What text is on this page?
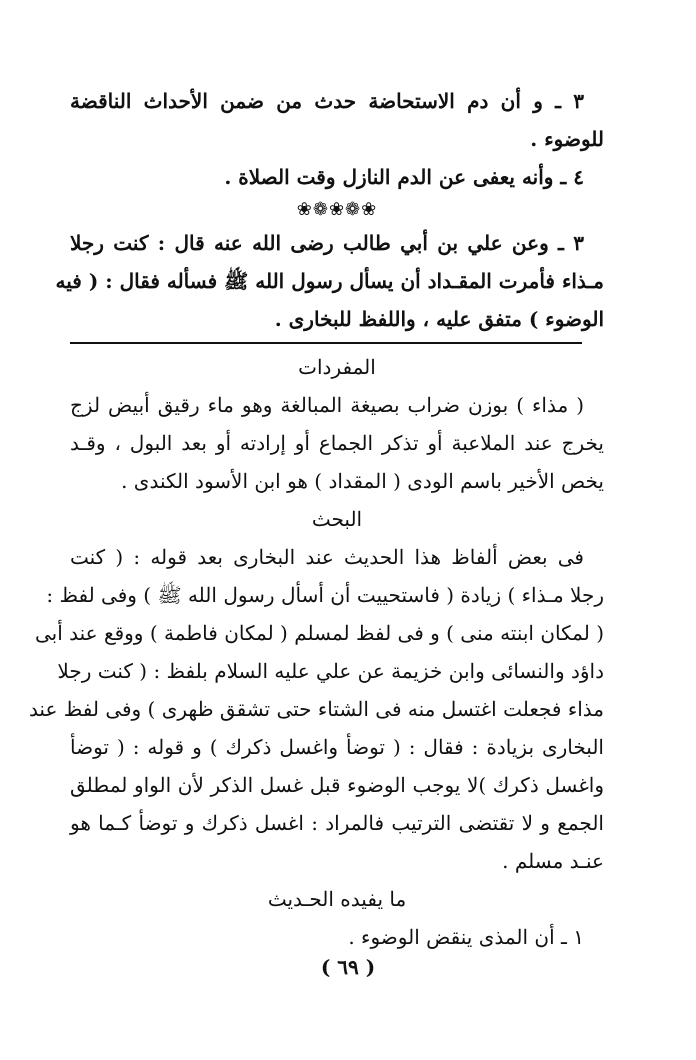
٣ ـ و أن دم الاستحاضة حدث من ضمن الأحداث الناقضة
للوضوء .
٤ ـ وأنه يعفى عن الدم النازل وقت الصلاة .
❀❁❀❁❀
٣ ـ وعن علي بن أبي طالب رضى الله عنه قال : كنت رجلا
مـذاء فأمرت المقـداد أن يسأل رسول الله ﷺ فسأله فقال : ( فيه
الوضوء ) متفق عليه ، واللفظ للبخارى .
المفردات
( مذاء ) بوزن ضراب بصيغة المبالغة وهو ماء رقيق أبيض لزج
يخرج عند الملاعبة أو تذكر الجماع أو إرادته أو بعد البول ، وقـد
يخص الأخير باسم الودى ( المقداد ) هو ابن الأسود الكندى .
البحث
فى بعض ألفاظ هذا الحديث عند البخارى بعد قوله : ( كنت
رجلا مـذاء ) زيادة ( فاستحييت أن أسأل رسول الله ﷺ ) وفى لفظ :
( لمكان ابنته منى ) و فى لفظ لمسلم ( لمكان فاطمة ) ووقع عند أبى
داؤد والنسائى وابن خزيمة عن علي عليه السلام بلفظ : ( كنت رجلا
مذاء فجعلت اغتسل منه فى الشتاء حتى تشقق ظهرى ) وفى لفظ عند
البخارى بزيادة : فقال : ( توضأ واغسل ذكرك ) و قوله : ( توضأ
واغسل ذكرك )لا يوجب الوضوء قبل غسل الذكر لأن الواو لمطلق
الجمع و لا تقتضى الترتيب فالمراد : اغسل ذكرك و توضأ كـما هو
عنـد مسلم .
ما يفيده الحـديث
١ ـ أن المذى ينقض الوضوء .
( ٦٩ )
